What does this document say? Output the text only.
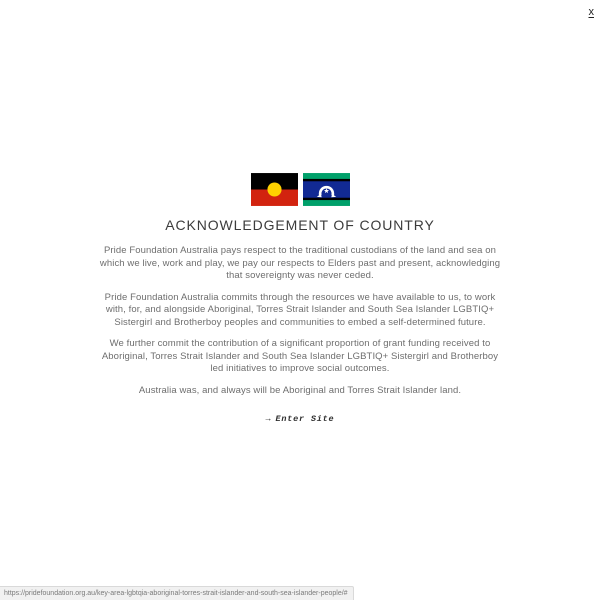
x
ACKNOWLEDGEMENT OF COUNTRY

Pride Foundation Australia pays respect to the traditional custodians of the land and sea on which we live, work and play, we pay our respects to Elders past and present, acknowledging that sovereignty was never ceded.

Pride Foundation Australia commits through the resources we have available to us, to work with, for, and alongside Aboriginal, Torres Strait Islander and South Sea Islander LGBTIQ+ Sistergirl and Brotherboy peoples and communities to embed a self-determined future.

We further commit the contribution of a significant proportion of grant funding received to Aboriginal, Torres Strait Islander and South Sea Islander LGBTIQ+ Sistergirl and Brotherboy led initiatives to improve social outcomes.

Australia was, and always will be Aboriginal and Torres Strait Islander land.

→ Enter Site
https://pridefoundation.org.au/key-area-lgbtqia-aboriginal-torres-strait-islander-and-south-sea-islander-people/#
